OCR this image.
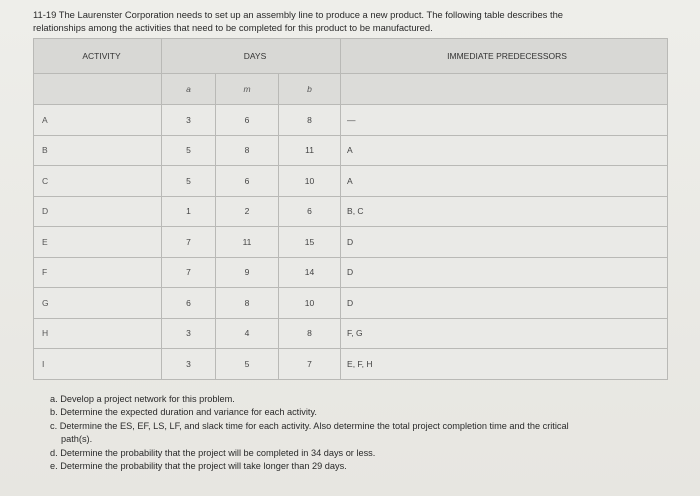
11-19 The Laurenster Corporation needs to set up an assembly line to produce a new product. The following table describes the

relationships among the activities that need to be completed for this product to be manufactured.

ACTIVITY	DAYS			IMMEDIATE PREDECESSORS
	a	m	b	
A	3	6	8	—
B	5	8	11	A
C	5	6	10	A
D	1	2	6	B, C
E	7	11	15	D
F	7	9	14	D
G	6	8	10	D
H	3	4	8	F, G
I	3	5	7	E, F, H

a. Develop a project network for this problem.

b. Determine the expected duration and variance for each activity.

c. Determine the ES, EF, LS, LF, and slack time for each activity. Also determine the total project completion time and the critical

path(s).

d. Determine the probability that the project will be completed in 34 days or less.

e. Determine the probability that the project will take longer than 29 days.
